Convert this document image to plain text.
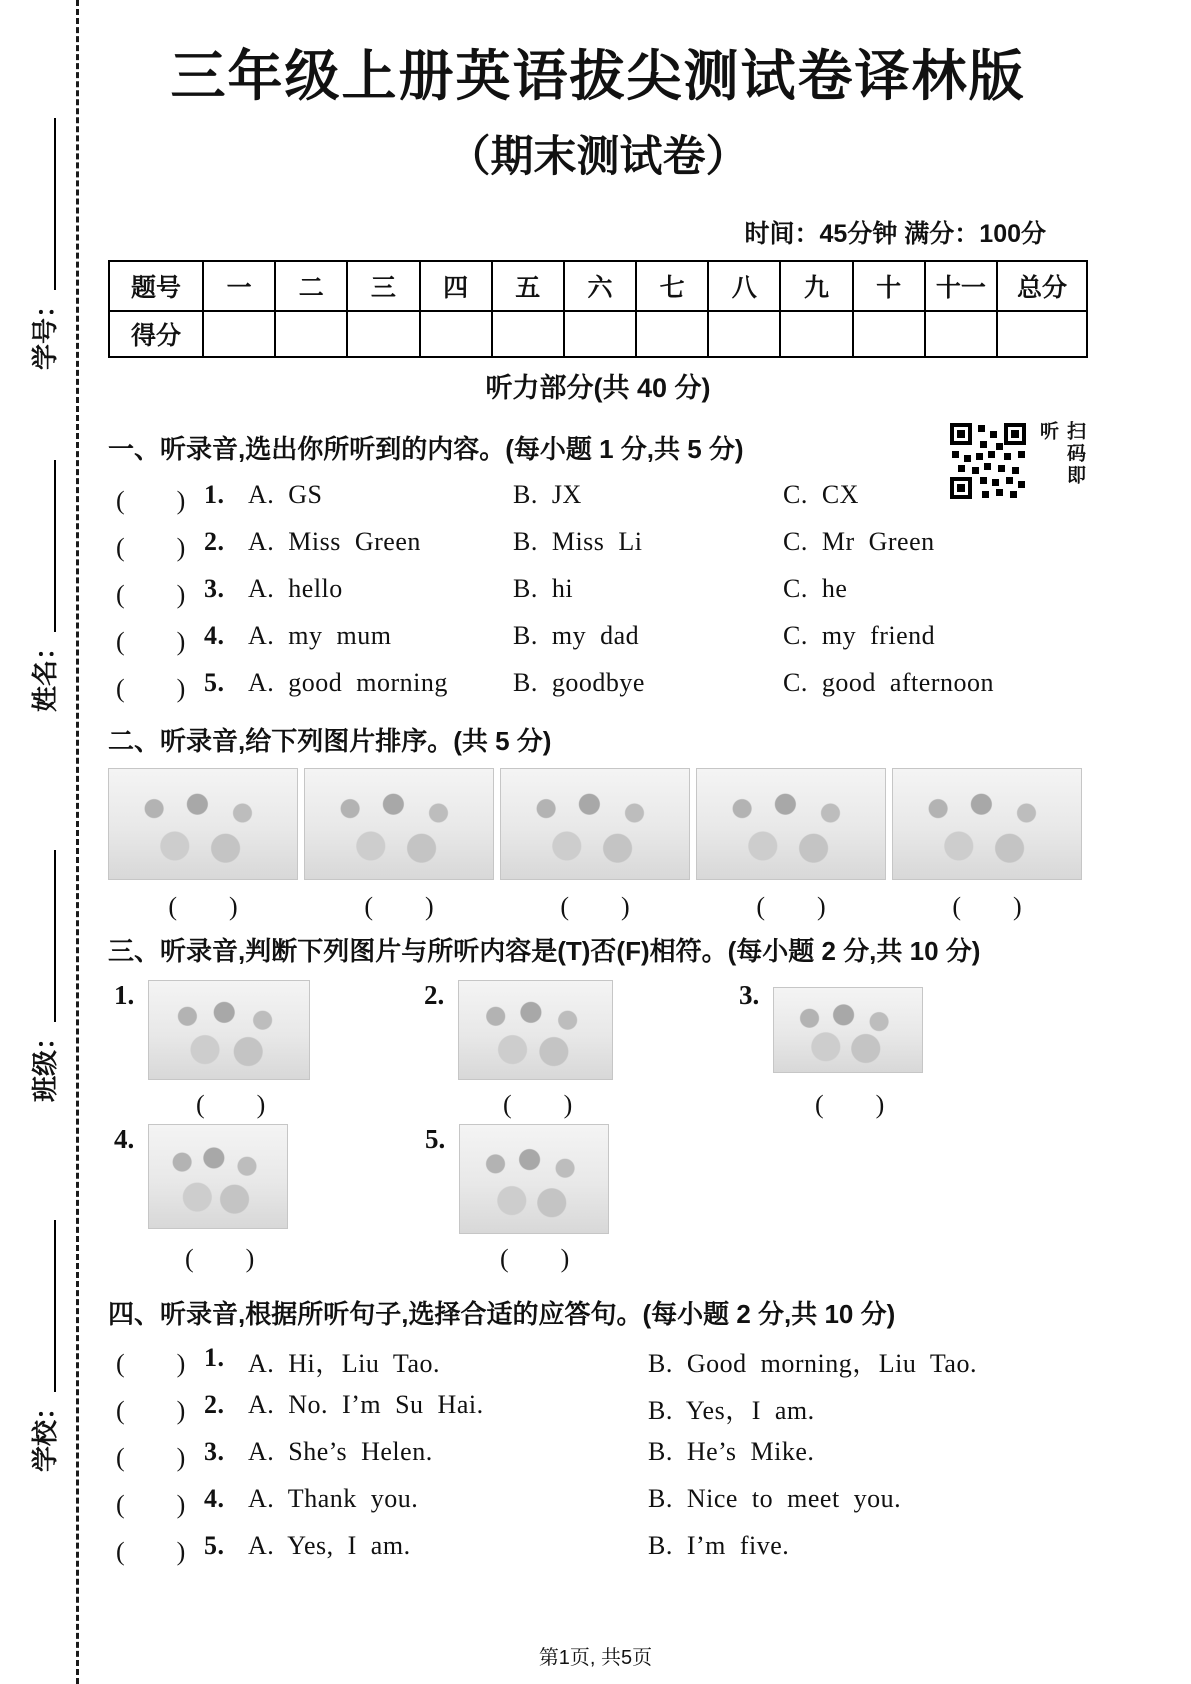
学号：
姓名：
班级：
学校：
三年级上册英语拔尖测试卷译林版
（期末测试卷）
时间：45分钟 满分：100分
题号	一	二	三	四	五	六	七	八	九	十	十一	总分
得分												
听力部分(共 40 分)
一、听录音,选出你所听到的内容。(每小题 1 分,共 5 分)	扫码即听
(　　) 1. A. GS	B. JX	C. CX
(　　) 2. A. Miss Green	B. Miss Li	C. Mr Green
(　　) 3. A. hello	B. hi	C. he
(　　) 4. A. my mum	B. my dad	C. my friend
(　　) 5. A. good morning	B. goodbye	C. good afternoon
二、听录音,给下列图片排序。(共 5 分)
(　　)	(　　)	(　　)	(　　)	(　　)
三、听录音,判断下列图片与所听内容是(T)否(F)相符。(每小题 2 分,共 10 分)
1.	2.	3.
(　　)	(　　)	(　　)
4.	5.
(　　)	(　　)
四、听录音,根据所听句子,选择合适的应答句。(每小题 2 分,共 10 分)
(　　) 1. A. Hi，Liu Tao.	B. Good morning，Liu Tao.
(　　) 2. A. No. I’m Su Hai.	B. Yes，I am.
(　　) 3. A. She’s Helen.	B. He’s Mike.
(　　) 4. A. Thank you.	B. Nice to meet you.
(　　) 5. A. Yes, I am.	B. I’m five.
第1页, 共5页
